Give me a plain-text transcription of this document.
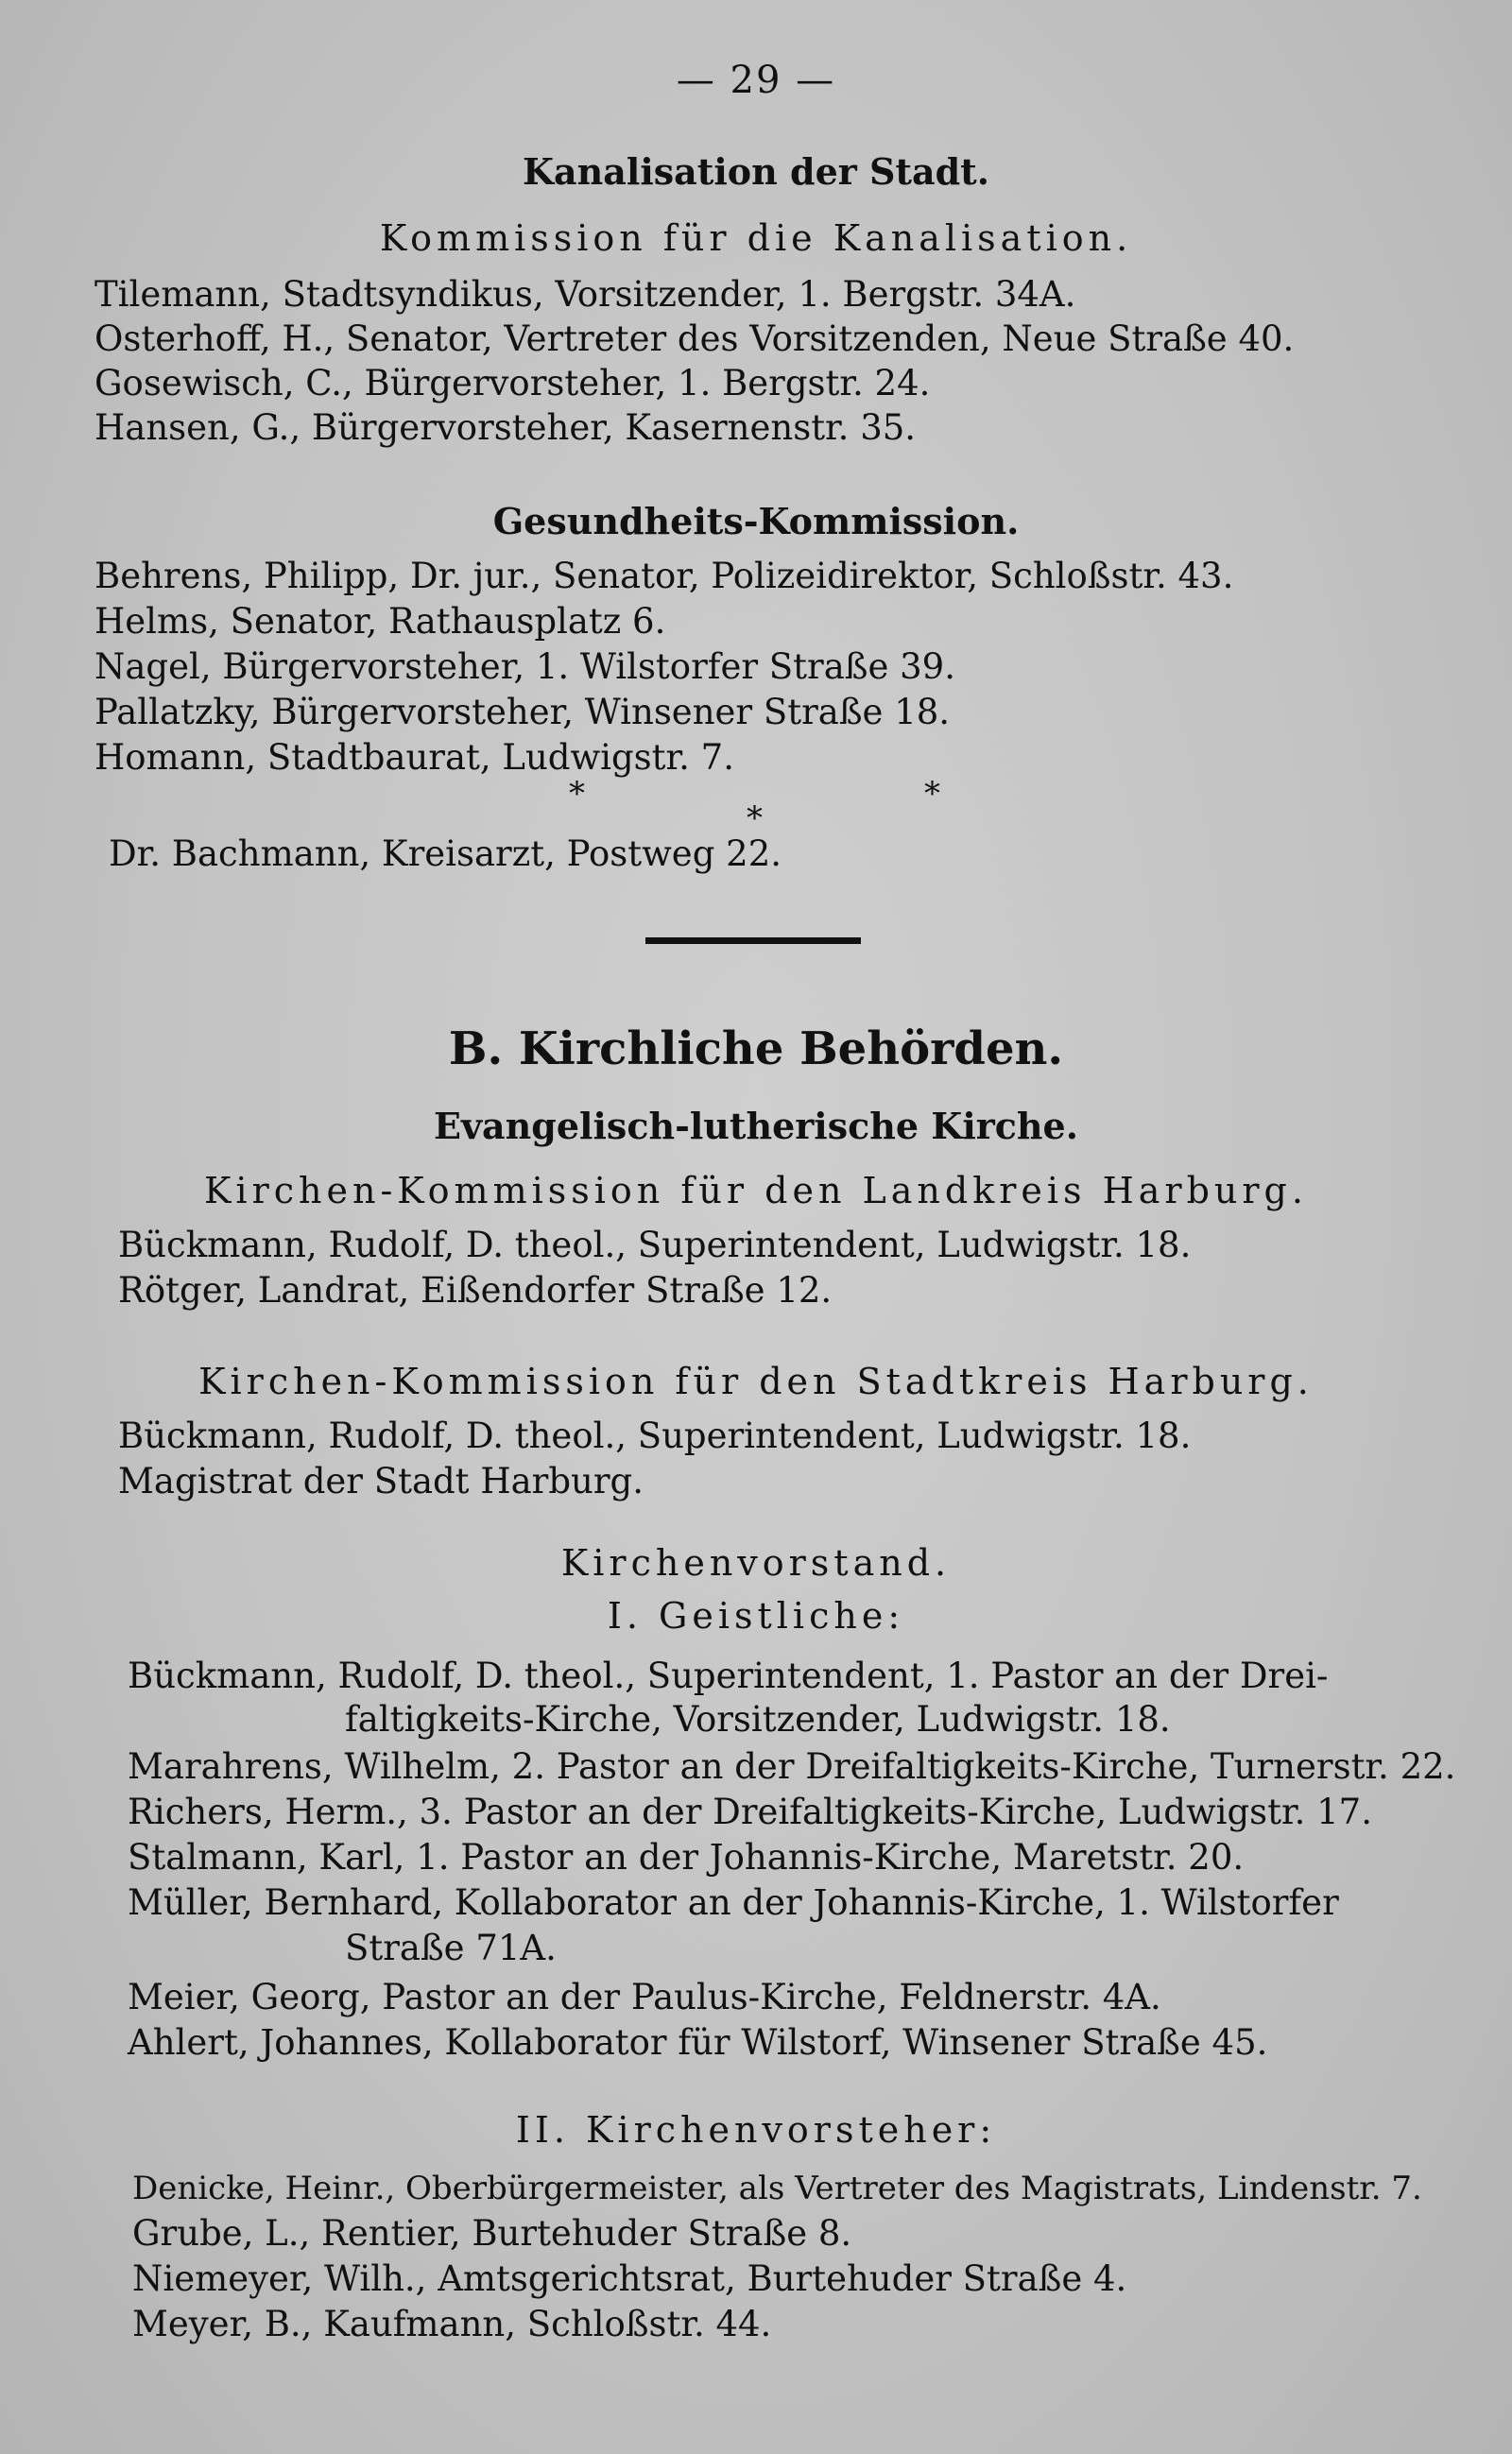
— 29 —
Kanalisation der Stadt.
Kommission für die Kanalisation.
Tilemann, Stadtsyndikus, Vorsitzender, 1. Bergstr. 34A.
Osterhoff, H., Senator, Vertreter des Vorsitzenden, Neue Straße 40.
Gosewisch, C., Bürgervorsteher, 1. Bergstr. 24.
Hansen, G., Bürgervorsteher, Kasernenstr. 35.
Gesundheits-Kommission.
Behrens, Philipp, Dr. jur., Senator, Polizeidirektor, Schloßstr. 43.
Helms, Senator, Rathausplatz 6.
Nagel, Bürgervorsteher, 1. Wilstorfer Straße 39.
Pallatzky, Bürgervorsteher, Winsener Straße 18.
Homann, Stadtbaurat, Ludwigstr. 7.
*
*
*
Dr. Bachmann, Kreisarzt, Postweg 22.
B. Kirchliche Behörden.
Evangelisch-lutherische Kirche.
Kirchen-Kommission für den Landkreis Harburg.
Bückmann, Rudolf, D. theol., Superintendent, Ludwigstr. 18.
Rötger, Landrat, Eißendorfer Straße 12.
Kirchen-Kommission für den Stadtkreis Harburg.
Bückmann, Rudolf, D. theol., Superintendent, Ludwigstr. 18.
Magistrat der Stadt Harburg.
Kirchenvorstand.
I. Geistliche:
Bückmann, Rudolf, D. theol., Superintendent, 1. Pastor an der Drei-
faltigkeits-Kirche, Vorsitzender, Ludwigstr. 18.
Marahrens, Wilhelm, 2. Pastor an der Dreifaltigkeits-Kirche, Turnerstr. 22.
Richers, Herm., 3. Pastor an der Dreifaltigkeits-Kirche, Ludwigstr. 17.
Stalmann, Karl, 1. Pastor an der Johannis-Kirche, Maretstr. 20.
Müller, Bernhard, Kollaborator an der Johannis-Kirche, 1. Wilstorfer
Straße 71A.
Meier, Georg, Pastor an der Paulus-Kirche, Feldnerstr. 4A.
Ahlert, Johannes, Kollaborator für Wilstorf, Winsener Straße 45.
II. Kirchenvorsteher:
Denicke, Heinr., Oberbürgermeister, als Vertreter des Magistrats, Lindenstr. 7.
Grube, L., Rentier, Burtehuder Straße 8.
Niemeyer, Wilh., Amtsgerichtsrat, Burtehuder Straße 4.
Meyer, B., Kaufmann, Schloßstr. 44.
